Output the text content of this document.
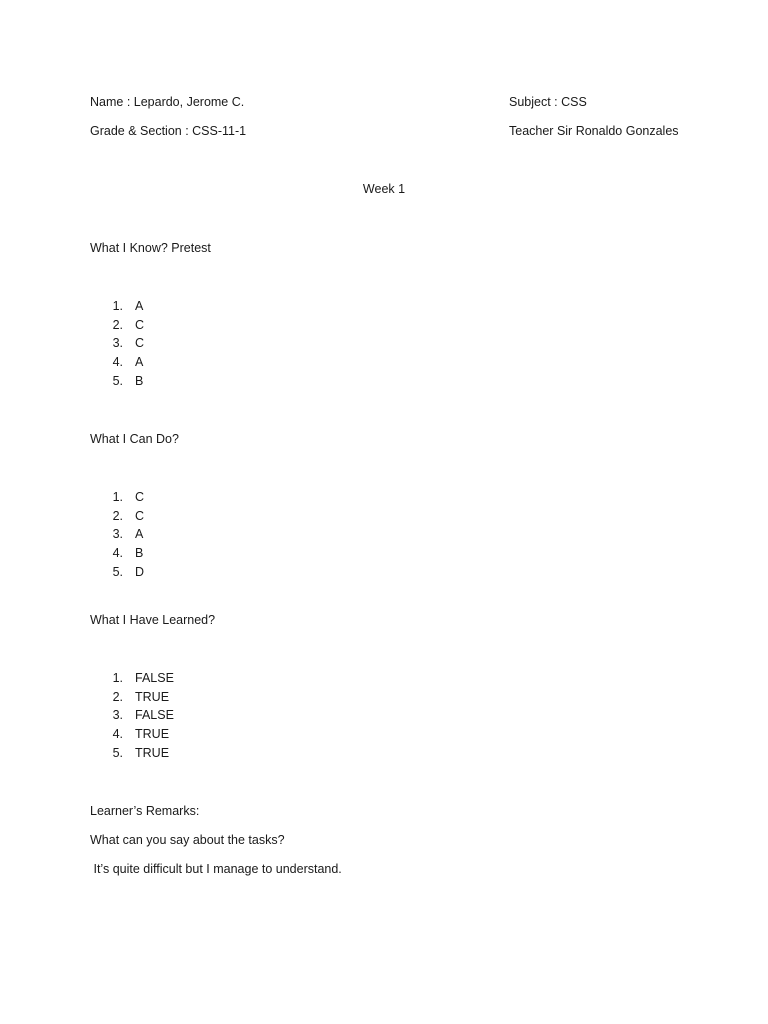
Name : Lepardo, Jerome C.	Subject : CSS
Grade & Section : CSS-11-1	Teacher Sir Ronaldo Gonzales
Week 1
What I Know? Pretest
1. A
2. C
3. C
4. A
5. B
What I Can Do?
1. C
2. C
3. A
4. B
5. D
What I Have Learned?
1. FALSE
2. TRUE
3. FALSE
4. TRUE
5. TRUE
Learner’s Remarks:
What can you say about the tasks?
It’s quite difficult but I manage to understand.
